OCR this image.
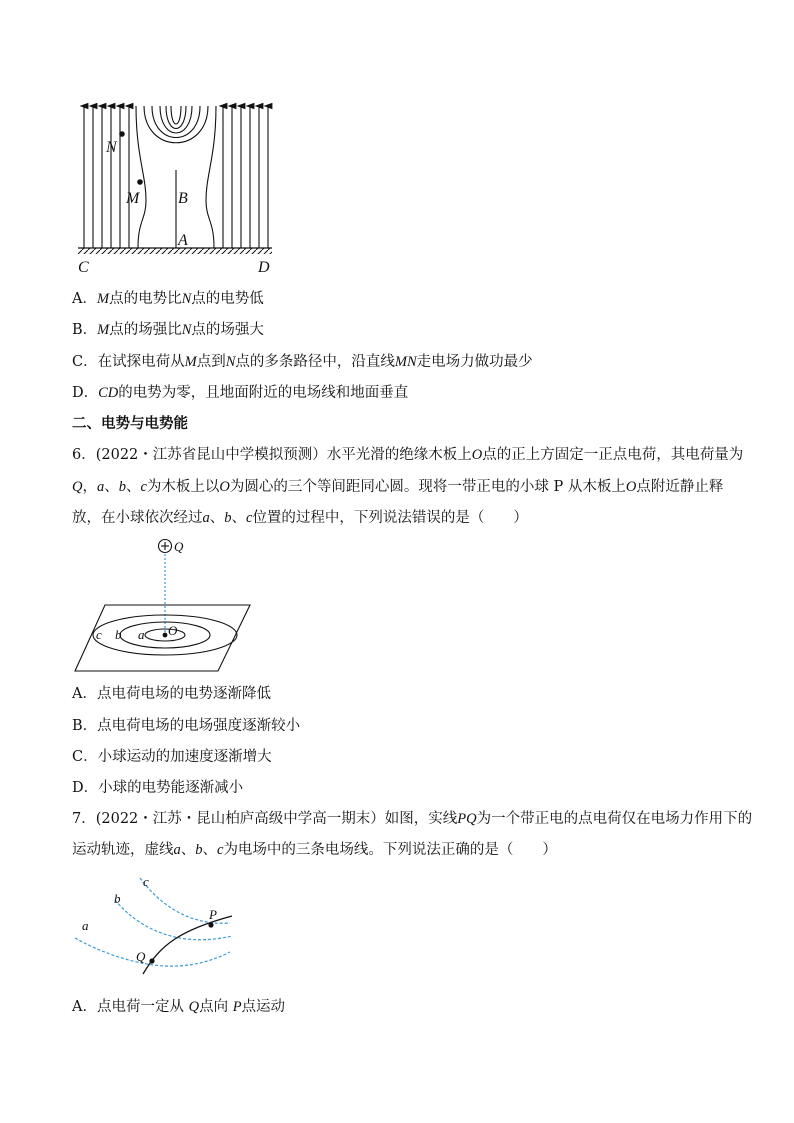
N
M B
A
C	D
A．M点的电势比N点的电势低
B．M点的场强比N点的场强大
C．在试探电荷从M点到N点的多条路径中，沿直线MN走电场力做功最少
D．CD的电势为零，且地面附近的电场线和地面垂直
二、电势与电势能
6．(2022・江苏省昆山中学模拟预测）水平光滑的绝缘木板上O点的正上方固定一正点电荷，其电荷量为
Q，a、b、c为木板上以O为圆心的三个等间距同心圆。现将一带正电的小球 P 从木板上O点附近静止释
放，在小球依次经过a、b、c位置的过程中，下列说法错误的是（　　）
Q
c b a O
A．点电荷电场的电势逐渐降低
B．点电荷电场的电场强度逐渐较小
C．小球运动的加速度逐渐增大
D．小球的电势能逐渐减小
7．(2022・江苏・昆山柏庐高级中学高一期末）如图，实线PQ为一个带正电的点电荷仅在电场力作用下的
运动轨迹，虚线a、b、c为电场中的三条电场线。下列说法正确的是（　　）
a
b
c
P
Q
A．点电荷一定从 Q点向 P点运动
